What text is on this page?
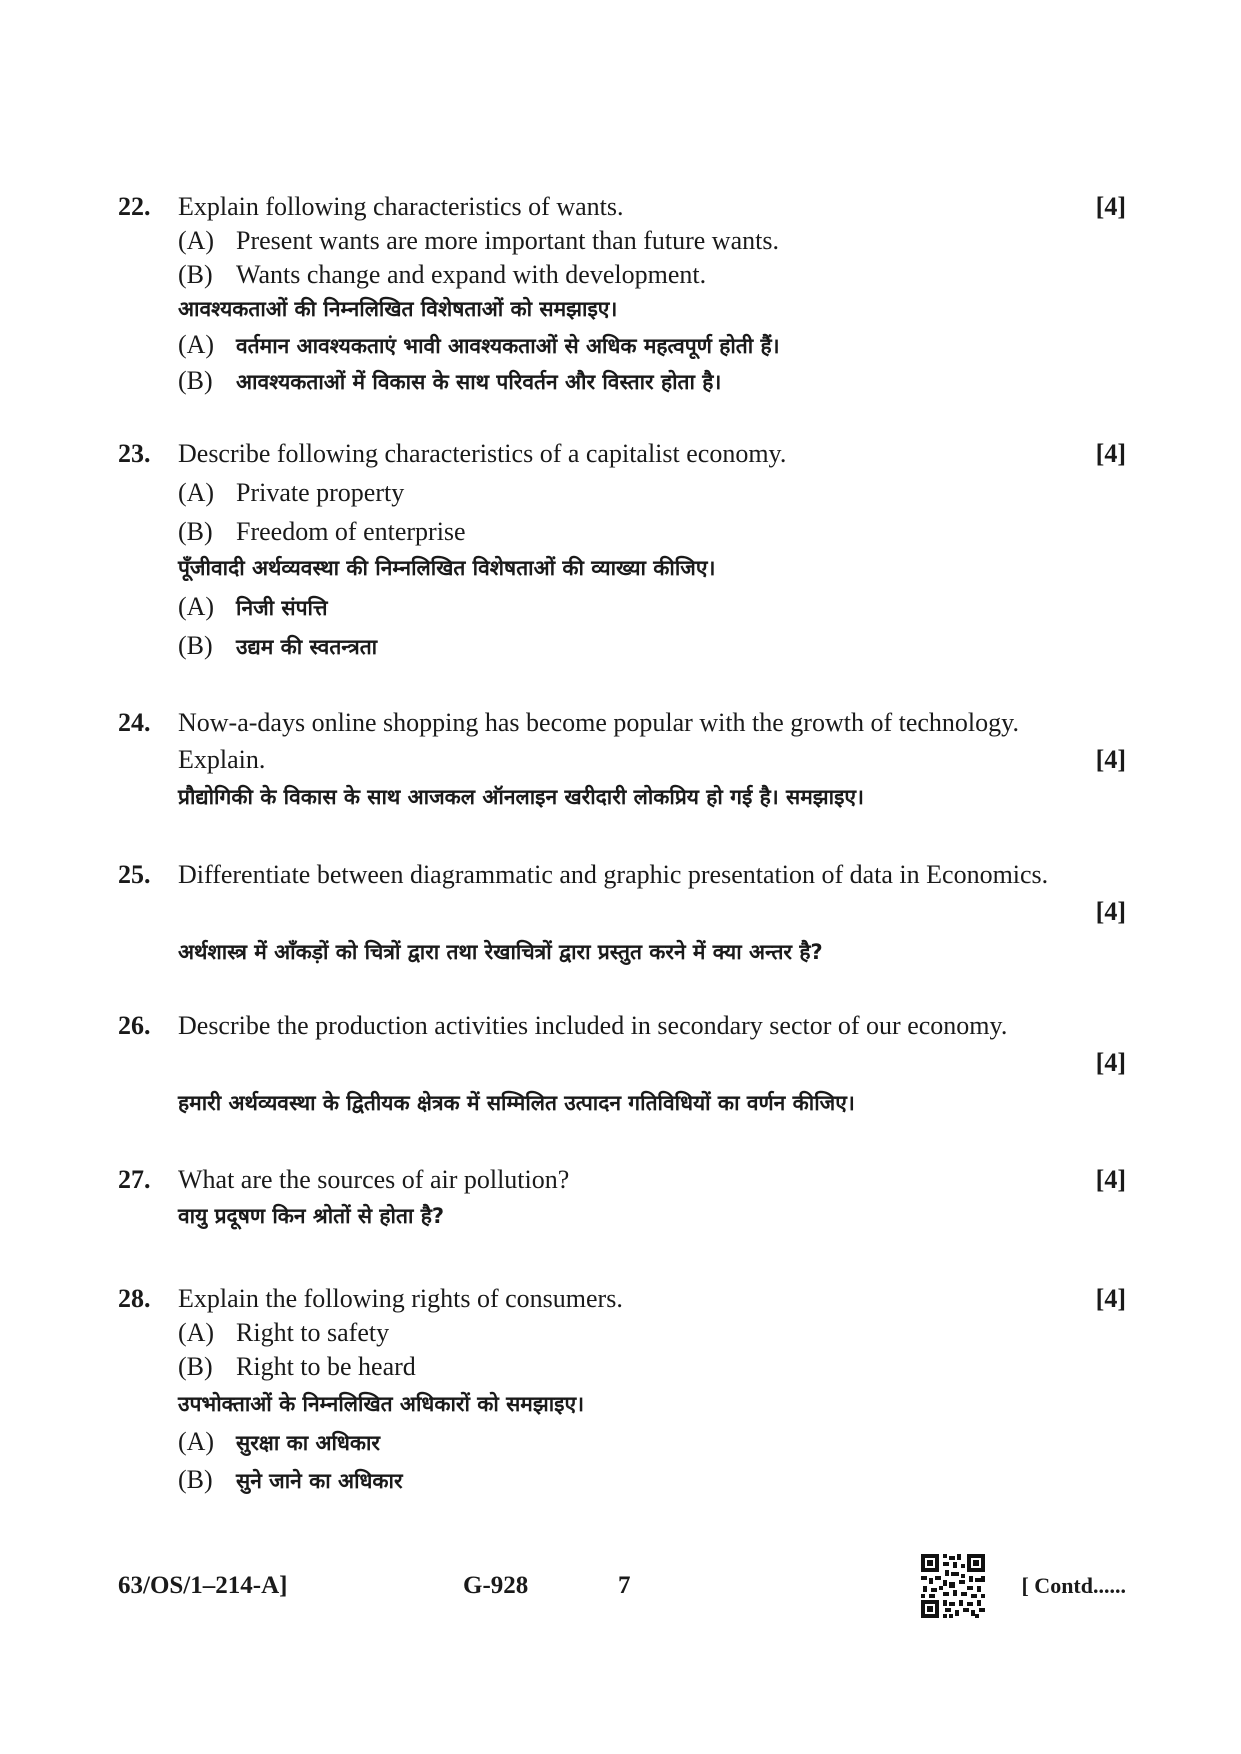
22. Explain following characteristics of wants.	[4]
(A) Present wants are more important than future wants.
(B) Wants change and expand with development.
आवश्यकताओं की निम्नलिखित विशेषताओं को समझाइए।
(A) वर्तमान आवश्यकताएं भावी आवश्यकताओं से अधिक महत्वपूर्ण होती हैं।
(B) आवश्यकताओं में विकास के साथ परिवर्तन और विस्तार होता है।
23. Describe following characteristics of a capitalist economy.	[4]
(A) Private property
(B) Freedom of enterprise
पूँजीवादी अर्थव्यवस्था की निम्नलिखित विशेषताओं की व्याख्या कीजिए।
(A) निजी संपत्ति
(B) उद्यम की स्वतन्त्रता
24. Now-a-days online shopping has become popular with the growth of technology.
Explain.	[4]
प्रौद्योगिकी के विकास के साथ आजकल ऑनलाइन खरीदारी लोकप्रिय हो गई है। समझाइए।
25. Differentiate between diagrammatic and graphic presentation of data in Economics.
[4]
अर्थशास्त्र में आँकड़ों को चित्रों द्वारा तथा रेखाचित्रों द्वारा प्रस्तुत करने में क्या अन्तर है?
26. Describe the production activities included in secondary sector of our economy.
[4]
हमारी अर्थव्यवस्था के द्वितीयक क्षेत्रक में सम्मिलित उत्पादन गतिविधियों का वर्णन कीजिए।
27. What are the sources of air pollution?	[4]
वायु प्रदूषण किन श्रोतों से होता है?
28. Explain the following rights of consumers.	[4]
(A) Right to safety
(B) Right to be heard
उपभोक्ताओं के निम्नलिखित अधिकारों को समझाइए।
(A) सुरक्षा का अधिकार
(B) सुने जाने का अधिकार
63/OS/1–214-A]	G-928	7	[ Contd......
